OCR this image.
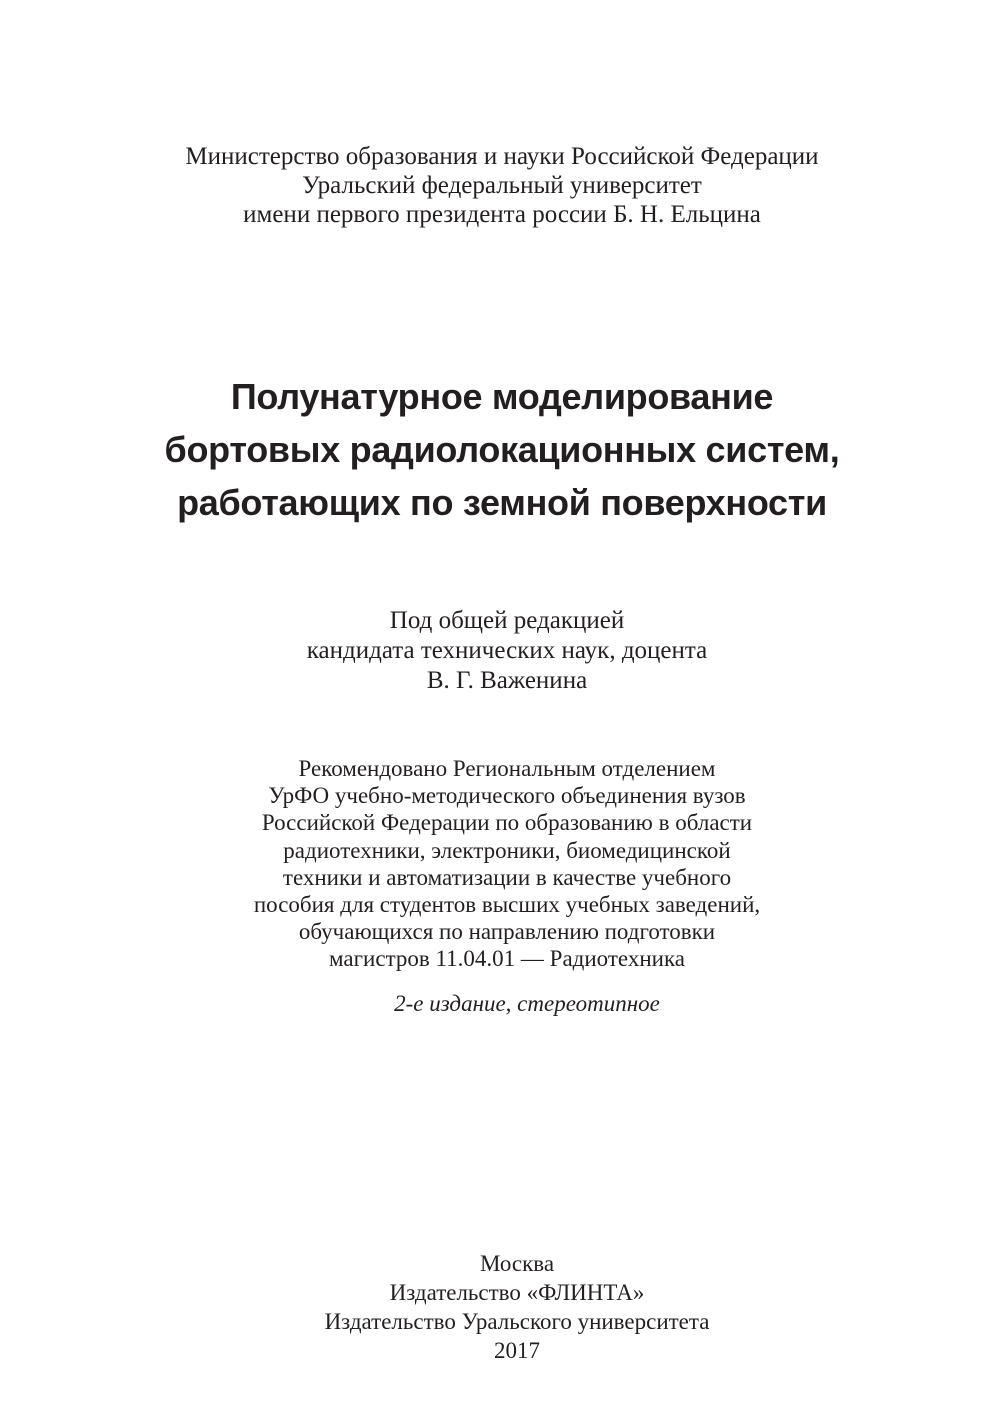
Министерство образования и науки Российской Федерации
Уральский федеральный университет
имени первого президента россии Б. Н. Ельцина
Полунатурное моделирование
бортовых радиолокационных систем,
работающих по земной поверхности
Под общей редакцией
кандидата технических наук, доцента
В. Г. Важенина
Рекомендовано Региональным отделением
УрФО учебно-методического объединения вузов
Российской Федерации по образованию в области
радиотехники, электроники, биомедицинской
техники и автоматизации в качестве учебного
пособия для студентов высших учебных заведений,
обучающихся по направлению подготовки
магистров 11.04.01 — Радиотехника
2-е издание, стереотипное
Москва
Издательство «ФЛИНТА»
Издательство Уральского университета
2017
